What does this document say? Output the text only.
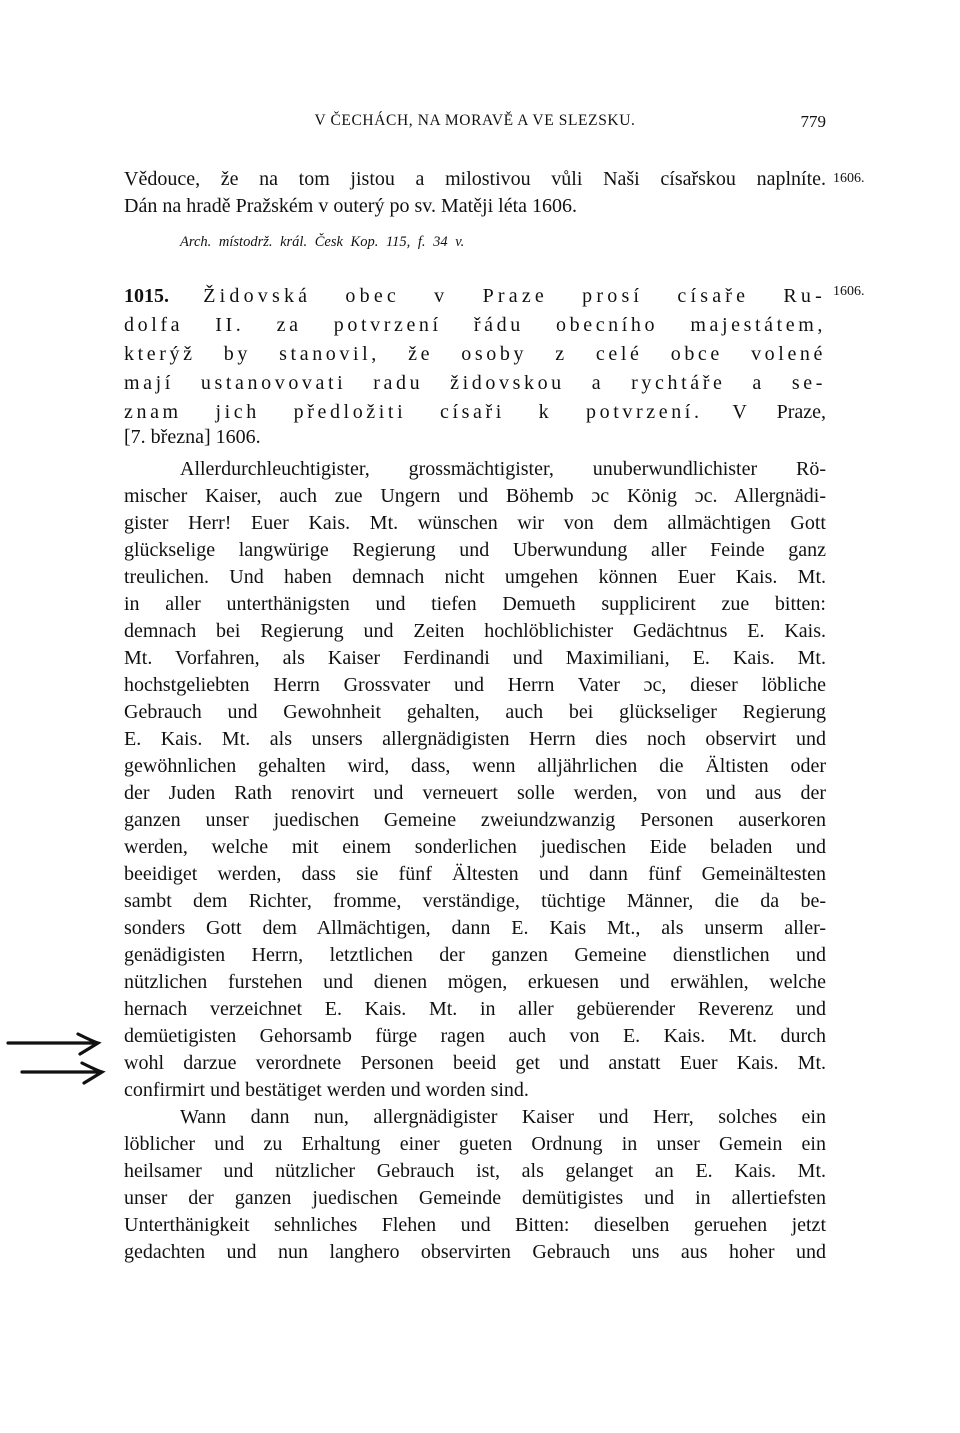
V ČECHÁCH, NA MORAVĚ A VE SLEZSKU.	779
Vědouce, že na tom jistou a milostivou vůli Naši císařskou naplníte. 1606.
Dán na hradě Pražském v outerý po sv. Matěji léta 1606.
Arch. místodrž. král. Česk Kop. 115, f. 34 v.
1015. Židovská obec v Praze prosí císaře Ru- 1606.
dolfa II. za potvrzení řádu obecního majestátem,
kterýž by stanovil, že osoby z celé obce volené
mají ustanovovati radu židovskou a rychtáře a se-
znam jich předložiti císaři k potvrzení. V Praze,
[7. března] 1606.
Allerdurchleuchtigister, grossmächtigister, unuberwundlichister Rö-
mischer Kaiser, auch zue Ungern und Böhemb ɔc König ɔc. Allergnädi-
gister Herr! Euer Kais. Mt. wünschen wir von dem allmächtigen Gott
glückselige langwürige Regierung und Uberwundung aller Feinde ganz
treulichen. Und haben demnach nicht umgehen können Euer Kais. Mt.
in aller unterthänigsten und tiefen Demueth supplicirent zue bitten:
demnach bei Regierung und Zeiten hochlöblichister Gedächtnus E. Kais.
Mt. Vorfahren, als Kaiser Ferdinandi und Maximiliani, E. Kais. Mt.
hochstgeliebten Herrn Grossvater und Herrn Vater ɔc, dieser löbliche
Gebrauch und Gewohnheit gehalten, auch bei glückseliger Regierung
E. Kais. Mt. als unsers allergnädigisten Herrn dies noch observirt und
gewöhnlichen gehalten wird, dass, wenn alljährlichen die Ältisten oder
der Juden Rath renovirt und verneuert solle werden, von und aus der
ganzen unser juedischen Gemeine zweiundzwanzig Personen auserkoren
werden, welche mit einem sonderlichen juedischen Eide beladen und
beeidiget werden, dass sie fünf Ältesten und dann fünf Gemeinältesten
sambt dem Richter, fromme, verständige, tüchtige Männer, die da be-
sonders Gott dem Allmächtigen, dann E. Kais Mt., als unserm aller-
genädigisten Herrn, letztlichen der ganzen Gemeine dienstlichen und
nützlichen furstehen und dienen mögen, erkuesen und erwählen, welche
hernach verzeichnet E. Kais. Mt. in aller gebüerender Reverenz und
demüetigisten Gehorsamb fürge ragen auch von E. Kais. Mt. durch
wohl darzue verordnete Personen beeid get und anstatt Euer Kais. Mt.
confirmirt und bestätiget werden und worden sind.
Wann dann nun, allergnädigister Kaiser und Herr, solches ein
löblicher und zu Erhaltung einer gueten Ordnung in unser Gemein ein
heilsamer und nützlicher Gebrauch ist, als gelanget an E. Kais. Mt.
unser der ganzen juedischen Gemeinde demütigistes und in allertiefsten
Unterthänigkeit sehnliches Flehen und Bitten: dieselben geruehen jetzt
gedachten und nun langhero observirten Gebrauch uns aus hoher und
